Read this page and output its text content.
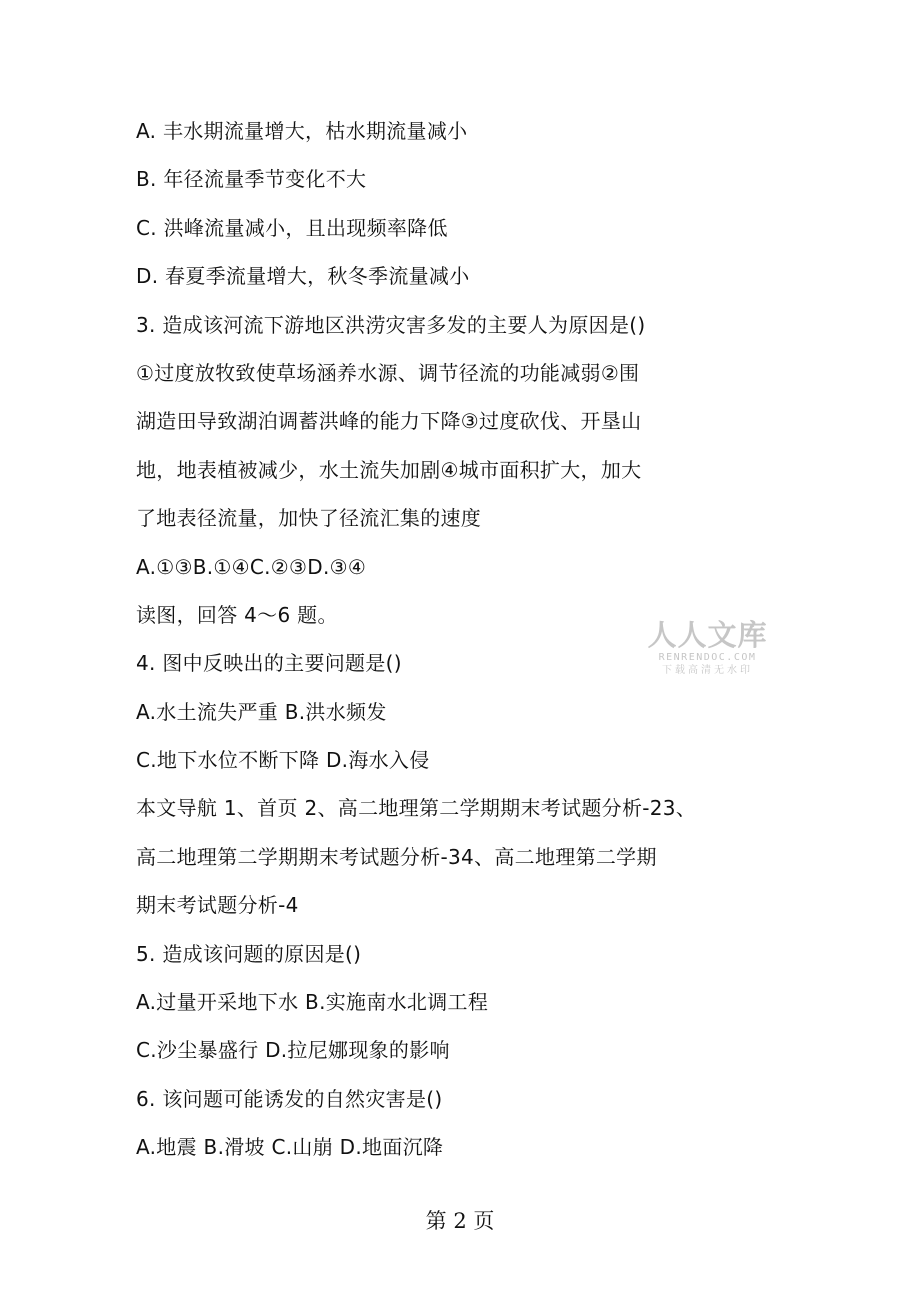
A. 丰水期流量增大，枯水期流量减小
B. 年径流量季节变化不大
C. 洪峰流量减小，且出现频率降低
D. 春夏季流量增大，秋冬季流量减小
3. 造成该河流下游地区洪涝灾害多发的主要人为原因是()
①过度放牧致使草场涵养水源、调节径流的功能减弱②围
湖造田导致湖泊调蓄洪峰的能力下降③过度砍伐、开垦山
地，地表植被减少，水土流失加剧④城市面积扩大，加大
了地表径流量，加快了径流汇集的速度
A.①③B.①④C.②③D.③④
读图，回答 4〜6 题。
4. 图中反映出的主要问题是()
A.水土流失严重 B.洪水频发
C.地下水位不断下降 D.海水入侵
本文导航 1、首页 2、高二地理第二学期期末考试题分析-23、
高二地理第二学期期末考试题分析-34、高二地理第二学期
期末考试题分析-4
5. 造成该问题的原因是()
A.过量开采地下水 B.实施南水北调工程
C.沙尘暴盛行 D.拉尼娜现象的影响
6. 该问题可能诱发的自然灾害是()
A.地震 B.滑坡 C.山崩 D.地面沉降
人人文库
RENRENDOC.COM
下载高清无水印
第 2 页
